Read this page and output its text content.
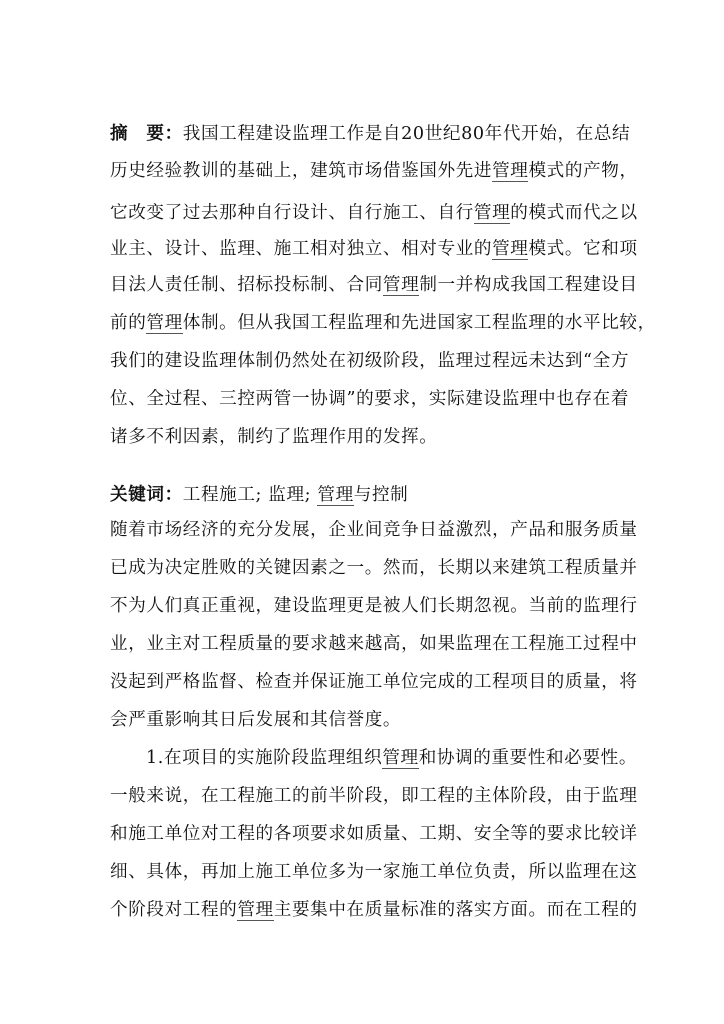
摘　要：我国工程建设监理工作是自20世纪80年代开始，在总结
历史经验教训的基础上，建筑市场借鉴国外先进管理模式的产物，
它改变了过去那种自行设计、自行施工、自行管理的模式而代之以
业主、设计、监理、施工相对独立、相对专业的管理模式。它和项
目法人责任制、招标投标制、合同管理制一并构成我国工程建设目
前的管理体制。但从我国工程监理和先进国家工程监理的水平比较，
我们的建设监理体制仍然处在初级阶段，监理过程远未达到“全方
位、全过程、三控两管一协调”的要求，实际建设监理中也存在着
诸多不利因素，制约了监理作用的发挥。
关键词：工程施工; 监理; 管理与控制
随着市场经济的充分发展，企业间竞争日益激烈，产品和服务质量
已成为决定胜败的关键因素之一。然而，长期以来建筑工程质量并
不为人们真正重视，建设监理更是被人们长期忽视。当前的监理行
业，业主对工程质量的要求越来越高，如果监理在工程施工过程中
没起到严格监督、检查并保证施工单位完成的工程项目的质量，将
会严重影响其日后发展和其信誉度。
1.在项目的实施阶段监理组织管理和协调的重要性和必要性。
一般来说，在工程施工的前半阶段，即工程的主体阶段，由于监理
和施工单位对工程的各项要求如质量、工期、安全等的要求比较详
细、具体，再加上施工单位多为一家施工单位负责，所以监理在这
个阶段对工程的管理主要集中在质量标准的落实方面。而在工程的
